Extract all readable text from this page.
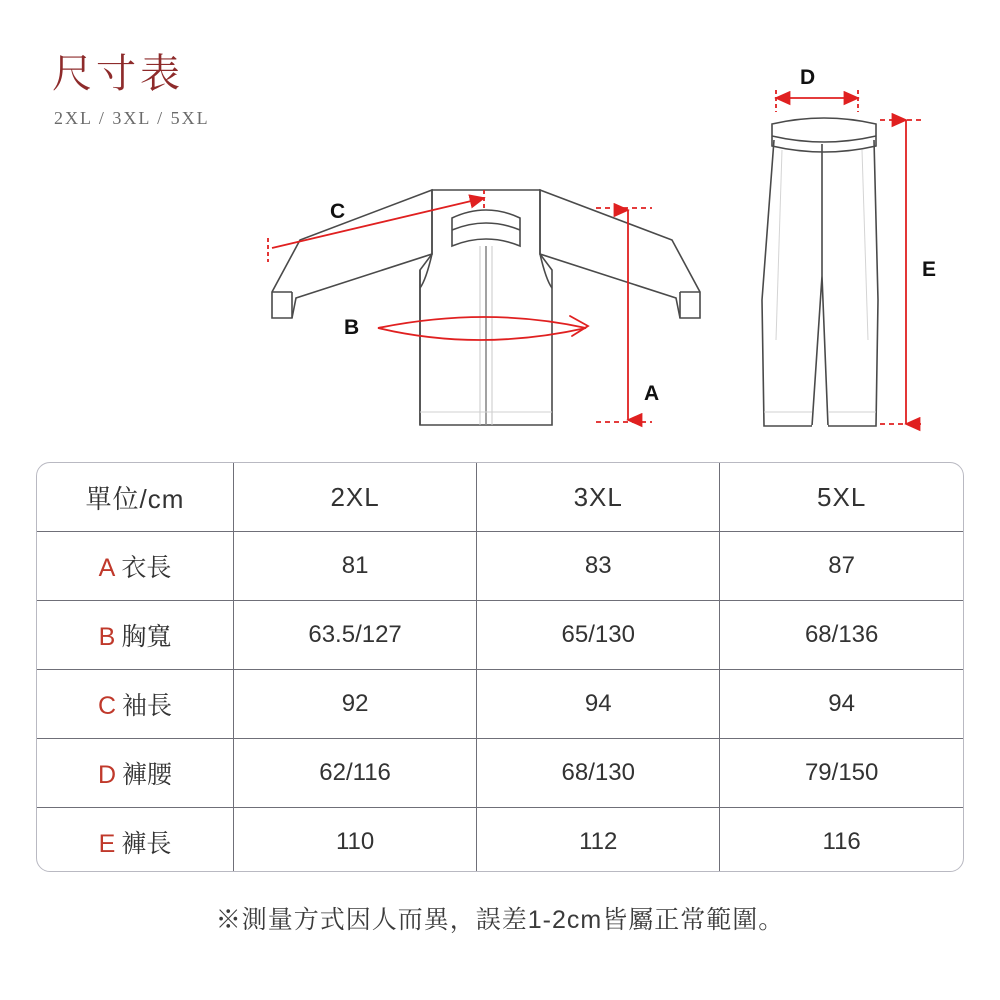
尺寸表
2XL / 3XL / 5XL
C
B
A
D
E
單位/cm	2XL	3XL	5XL
A 衣長	81	83	87
B 胸寬	63.5/127	65/130	68/136
C 袖長	92	94	94
D 褲腰	62/116	68/130	79/150
E 褲長	110	112	116
※測量方式因人而異，誤差1-2cm皆屬正常範圍。
